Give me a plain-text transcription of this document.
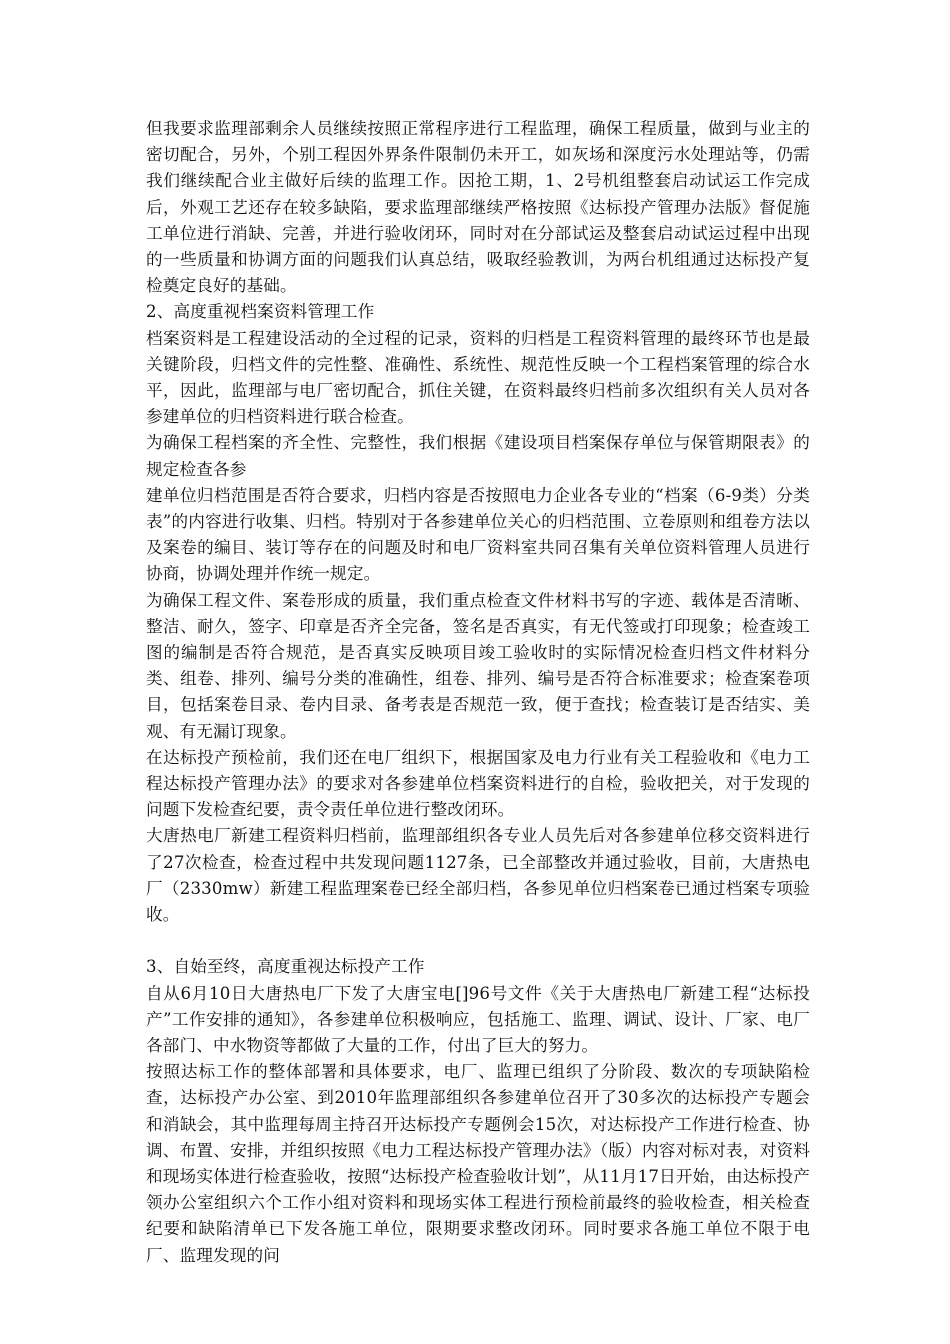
但我要求监理部剩余人员继续按照正常程序进行工程监理，确保工程质量，做到与业主的密切配合，另外，个别工程因外界条件限制仍未开工，如灰场和深度污水处理站等，仍需我们继续配合业主做好后续的监理工作。因抢工期，1、2号机组整套启动试运工作完成后，外观工艺还存在较多缺陷，要求监理部继续严格按照《达标投产管理办法版》督促施工单位进行消缺、完善，并进行验收闭环，同时对在分部试运及整套启动试运过程中出现的一些质量和协调方面的问题我们认真总结，吸取经验教训，为两台机组通过达标投产复检奠定良好的基础。

2、高度重视档案资料管理工作

档案资料是工程建设活动的全过程的记录，资料的归档是工程资料管理的最终环节也是最关键阶段，归档文件的完性整、准确性、系统性、规范性反映一个工程档案管理的综合水平，因此，监理部与电厂密切配合，抓住关键，在资料最终归档前多次组织有关人员对各参建单位的归档资料进行联合检查。

为确保工程档案的齐全性、完整性，我们根据《建设项目档案保存单位与保管期限表》的规定检查各参

建单位归档范围是否符合要求，归档内容是否按照电力企业各专业的“档案（6-9类）分类表”的内容进行收集、归档。特别对于各参建单位关心的归档范围、立卷原则和组卷方法以及案卷的编目、装订等存在的问题及时和电厂资料室共同召集有关单位资料管理人员进行协商，协调处理并作统一规定。

为确保工程文件、案卷形成的质量，我们重点检查文件材料书写的字迹、载体是否清晰、整洁、耐久，签字、印章是否齐全完备，签名是否真实，有无代签或打印现象；检查竣工图的编制是否符合规范，是否真实反映项目竣工验收时的实际情况检查归档文件材料分类、组卷、排列、编号分类的准确性，组卷、排列、编号是否符合标准要求；检查案卷项目，包括案卷目录、卷内目录、备考表是否规范一致，便于查找；检查装订是否结实、美观、有无漏订现象。

在达标投产预检前，我们还在电厂组织下，根据国家及电力行业有关工程验收和《电力工程达标投产管理办法》的要求对各参建单位档案资料进行的自检，验收把关，对于发现的问题下发检查纪要，责令责任单位进行整改闭环。

大唐热电厂新建工程资料归档前，监理部组织各专业人员先后对各参建单位移交资料进行了27次检查，检查过程中共发现问题1127条，已全部整改并通过验收，目前，大唐热电厂（2330mw）新建工程监理案卷已经全部归档，各参见单位归档案卷已通过档案专项验收。

3、自始至终，高度重视达标投产工作

自从6月10日大唐热电厂下发了大唐宝电[]96号文件《关于大唐热电厂新建工程“达标投产”工作安排的通知》，各参建单位积极响应，包括施工、监理、调试、设计、厂家、电厂各部门、中水物资等都做了大量的工作，付出了巨大的努力。

按照达标工作的整体部署和具体要求，电厂、监理已组织了分阶段、数次的专项缺陷检查，达标投产办公室、到2010年监理部组织各参建单位召开了30多次的达标投产专题会和消缺会，其中监理每周主持召开达标投产专题例会15次，对达标投产工作进行检查、协调、布置、安排，并组织按照《电力工程达标投产管理办法》（版）内容对标对表，对资料和现场实体进行检查验收，按照“达标投产检查验收计划”，从11月17日开始，由达标投产领办公室组织六个工作小组对资料和现场实体工程进行预检前最终的验收检查，相关检查纪要和缺陷清单已下发各施工单位，限期要求整改闭环。同时要求各施工单位不限于电厂、监理发现的问
